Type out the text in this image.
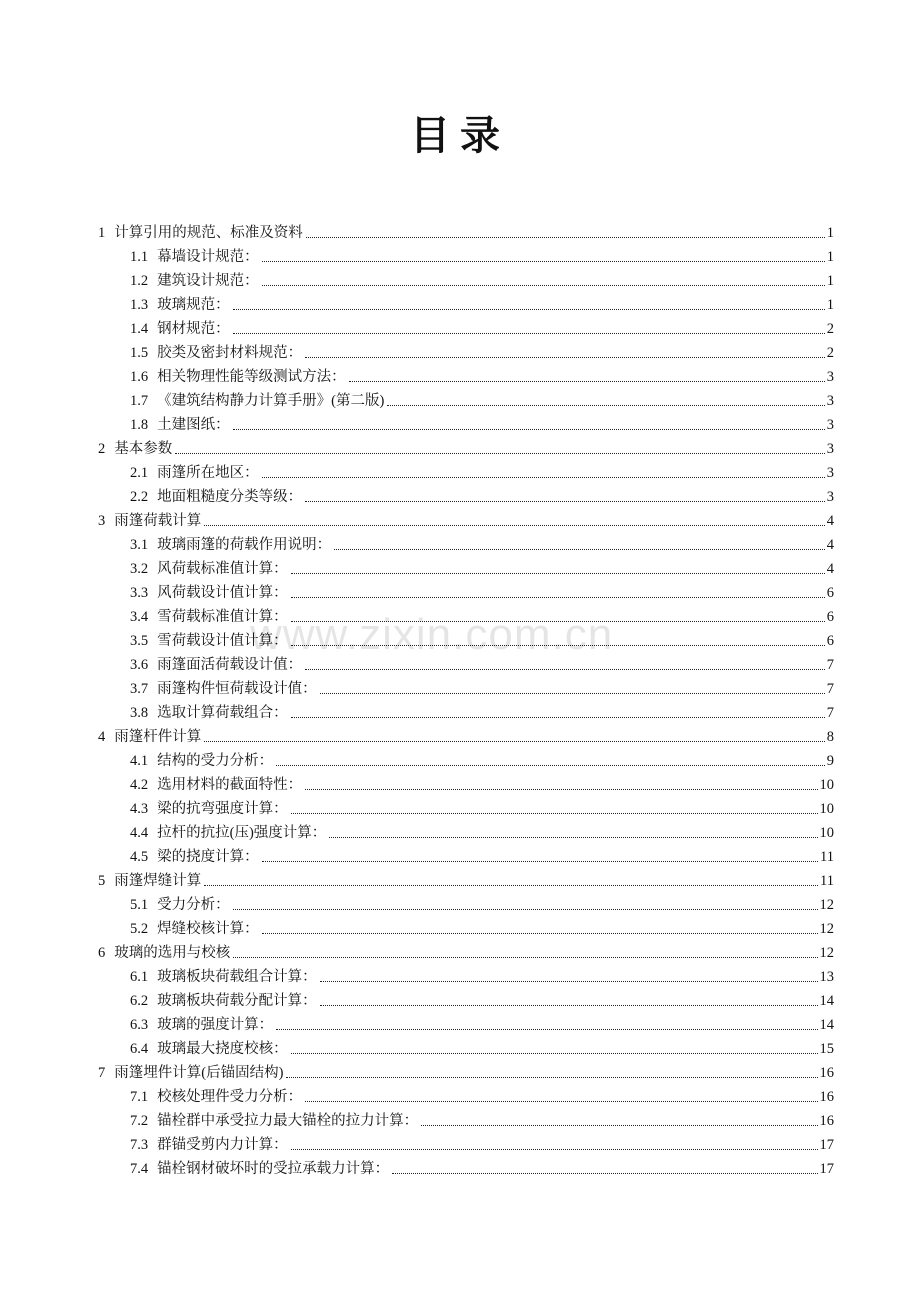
目录
1 计算引用的规范、标准及资料	1
1.1 幕墙设计规范：	1
1.2 建筑设计规范：	1
1.3 玻璃规范：	1
1.4 钢材规范：	2
1.5 胶类及密封材料规范：	2
1.6 相关物理性能等级测试方法：	3
1.7 《建筑结构静力计算手册》(第二版)	3
1.8 土建图纸：	3
2 基本参数	3
2.1 雨篷所在地区：	3
2.2 地面粗糙度分类等级：	3
3 雨篷荷载计算	4
3.1 玻璃雨篷的荷载作用说明：	4
3.2 风荷载标准值计算：	4
3.3 风荷载设计值计算：	6
3.4 雪荷载标准值计算：	6
3.5 雪荷载设计值计算：	6
3.6 雨篷面活荷载设计值：	7
3.7 雨篷构件恒荷载设计值：	7
3.8 选取计算荷载组合：	7
4 雨篷杆件计算	8
4.1 结构的受力分析：	9
4.2 选用材料的截面特性：	10
4.3 梁的抗弯强度计算：	10
4.4 拉杆的抗拉(压)强度计算：	10
4.5 梁的挠度计算：	11
5 雨篷焊缝计算	11
5.1 受力分析：	12
5.2 焊缝校核计算：	12
6 玻璃的选用与校核	12
6.1 玻璃板块荷载组合计算：	13
6.2 玻璃板块荷载分配计算：	14
6.3 玻璃的强度计算：	14
6.4 玻璃最大挠度校核：	15
7 雨篷埋件计算(后锚固结构)	16
7.1 校核处理件受力分析：	16
7.2 锚栓群中承受拉力最大锚栓的拉力计算：	16
7.3 群锚受剪内力计算：	17
7.4 锚栓钢材破坏时的受拉承载力计算：	17
www.zixin.com.cn
